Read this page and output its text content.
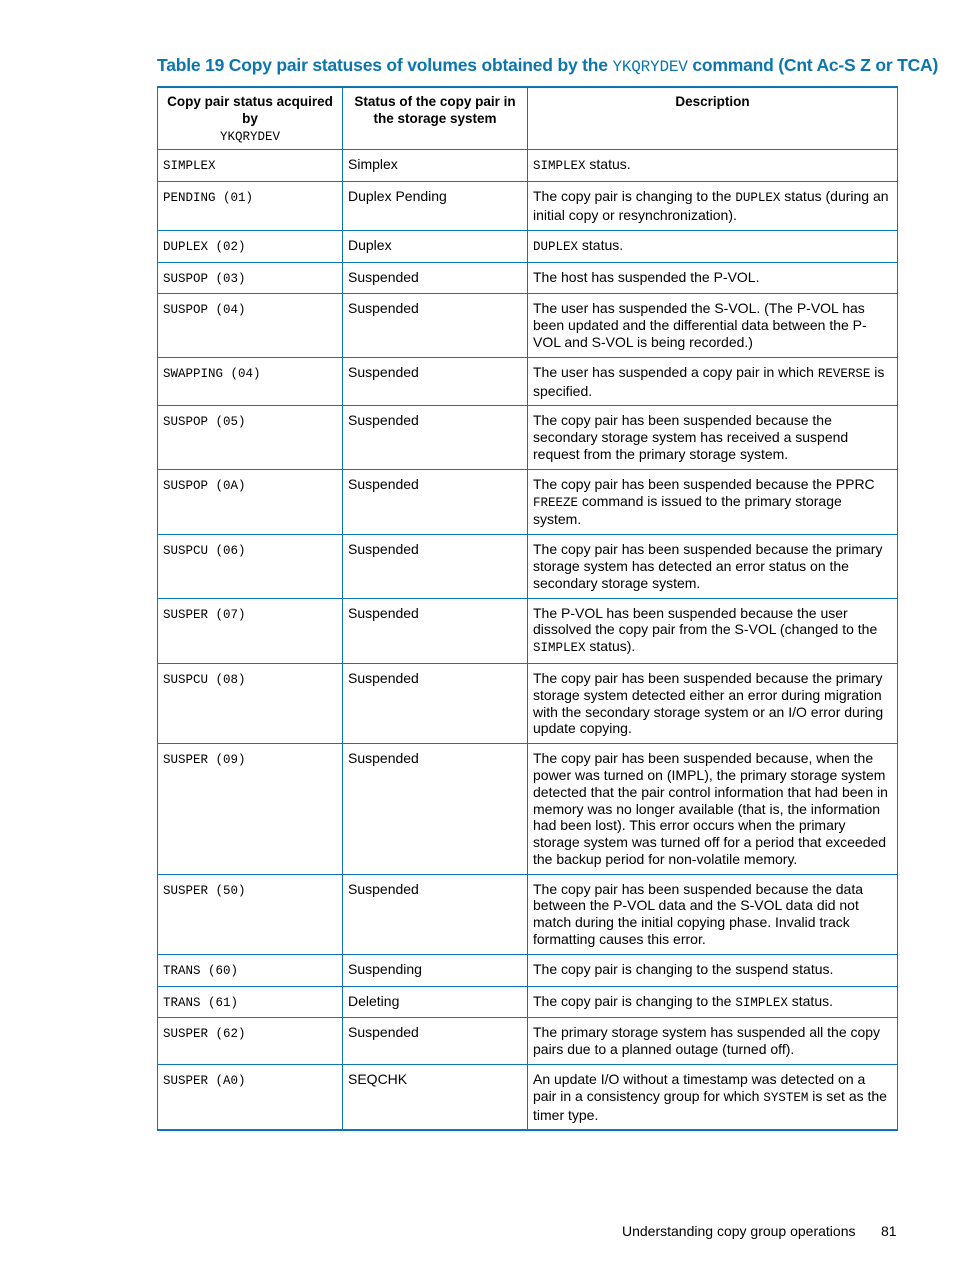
Table 19 Copy pair statuses of volumes obtained by the YKQRYDEV command (Cnt Ac-S Z or TCA)
Copy pair status acquired by
YKQRYDEV	Status of the copy pair in the storage system	Description
SIMPLEX	Simplex	SIMPLEX status.
PENDING (01)	Duplex Pending	The copy pair is changing to the DUPLEX status (during an initial copy or resynchronization).
DUPLEX (02)	Duplex	DUPLEX status.
SUSPOP (03)	Suspended	The host has suspended the P-VOL.
SUSPOP (04)	Suspended	The user has suspended the S-VOL. (The P-VOL has been updated and the differential data between the P-VOL and S-VOL is being recorded.)
SWAPPING (04)	Suspended	The user has suspended a copy pair in which REVERSE is specified.
SUSPOP (05)	Suspended	The copy pair has been suspended because the secondary storage system has received a suspend request from the primary storage system.
SUSPOP (0A)	Suspended	The copy pair has been suspended because the PPRC FREEZE command is issued to the primary storage system.
SUSPCU (06)	Suspended	The copy pair has been suspended because the primary storage system has detected an error status on the secondary storage system.
SUSPER (07)	Suspended	The P-VOL has been suspended because the user dissolved the copy pair from the S-VOL (changed to the SIMPLEX status).
SUSPCU (08)	Suspended	The copy pair has been suspended because the primary storage system detected either an error during migration with the secondary storage system or an I/O error during update copying.
SUSPER (09)	Suspended	The copy pair has been suspended because, when the power was turned on (IMPL), the primary storage system detected that the pair control information that had been in memory was no longer available (that is, the information had been lost). This error occurs when the primary storage system was turned off for a period that exceeded the backup period for non-volatile memory.
SUSPER (50)	Suspended	The copy pair has been suspended because the data between the P-VOL data and the S-VOL data did not match during the initial copying phase. Invalid track formatting causes this error.
TRANS (60)	Suspending	The copy pair is changing to the suspend status.
TRANS (61)	Deleting	The copy pair is changing to the SIMPLEX status.
SUSPER (62)	Suspended	The primary storage system has suspended all the copy pairs due to a planned outage (turned off).
SUSPER (A0)	SEQCHK	An update I/O without a timestamp was detected on a pair in a consistency group for which SYSTEM is set as the timer type.
Understanding copy group operations 81
